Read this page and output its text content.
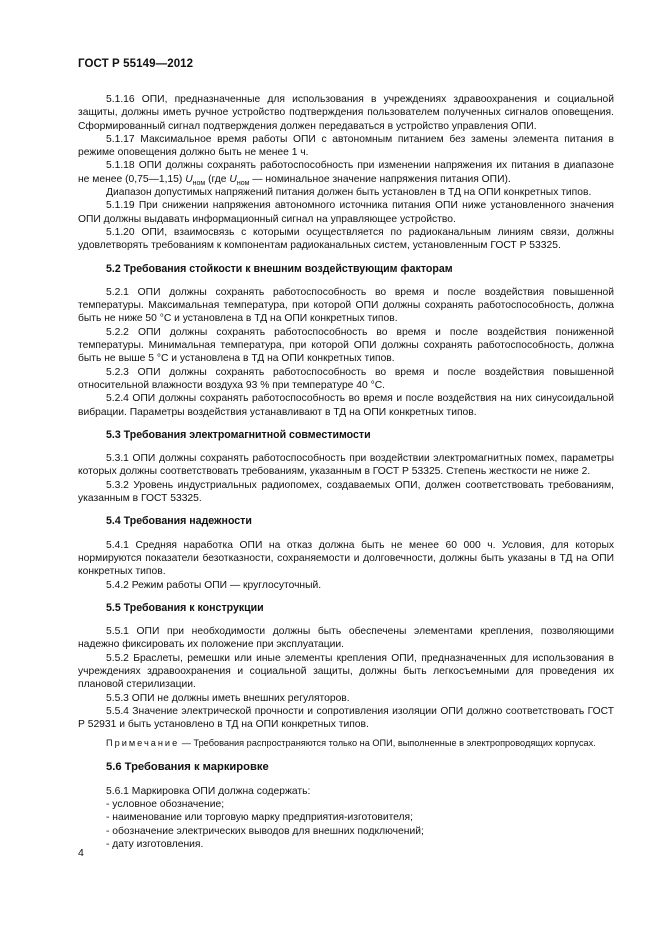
ГОСТ Р 55149—2012

5.1.16 ОПИ, предназначенные для использования в учреждениях здравоохранения и социальной защиты, должны иметь ручное устройство подтверждения пользователем полученных сигналов оповещения. Сформированный сигнал подтверждения должен передаваться в устройство управления ОПИ.

5.1.17 Максимальное время работы ОПИ с автономным питанием без замены элемента питания в режиме оповещения должно быть не менее 1 ч.

5.1.18 ОПИ должны сохранять работоспособность при изменении напряжения их питания в диапазоне не менее (0,75—1,15) $U_{ном}$ (где $U_{ном}$ — номинальное значение напряжения питания ОПИ).

Диапазон допустимых напряжений питания должен быть установлен в ТД на ОПИ конкретных типов.

5.1.19 При снижении напряжения автономного источника питания ОПИ ниже установленного значения ОПИ должны выдавать информационный сигнал на управляющее устройство.

5.1.20 ОПИ, взаимосвязь с которыми осуществляется по радиоканальным линиям связи, должны удовлетворять требованиям к компонентам радиоканальных систем, установленным ГОСТ Р 53325.

5.2 Требования стойкости к внешним воздействующим факторам

5.2.1 ОПИ должны сохранять работоспособность во время и после воздействия повышенной температуры. Максимальная температура, при которой ОПИ должны сохранять работоспособность, должна быть не ниже 50 °С и установлена в ТД на ОПИ конкретных типов.

5.2.2 ОПИ должны сохранять работоспособность во время и после воздействия пониженной температуры. Минимальная температура, при которой ОПИ должны сохранять работоспособность, должна быть не выше 5 °С и установлена в ТД на ОПИ конкретных типов.

5.2.3 ОПИ должны сохранять работоспособность во время и после воздействия повышенной относительной влажности воздуха 93 % при температуре 40 °С.

5.2.4 ОПИ должны сохранять работоспособность во время и после воздействия на них синусоидальной вибрации. Параметры воздействия устанавливают в ТД на ОПИ конкретных типов.

5.3 Требования электромагнитной совместимости

5.3.1 ОПИ должны сохранять работоспособность при воздействии электромагнитных помех, параметры которых должны соответствовать требованиям, указанным в ГОСТ Р 53325. Степень жесткости не ниже 2.

5.3.2 Уровень индустриальных радиопомех, создаваемых ОПИ, должен соответствовать требованиям, указанным в ГОСТ 53325.

5.4 Требования надежности

5.4.1 Средняя наработка ОПИ на отказ должна быть не менее 60 000 ч. Условия, для которых нормируются показатели безотказности, сохраняемости и долговечности, должны быть указаны в ТД на ОПИ конкретных типов.

5.4.2 Режим работы ОПИ — круглосуточный.

5.5 Требования к конструкции

5.5.1 ОПИ при необходимости должны быть обеспечены элементами крепления, позволяющими надежно фиксировать их положение при эксплуатации.

5.5.2 Браслеты, ремешки или иные элементы крепления ОПИ, предназначенных для использования в учреждениях здравоохранения и социальной защиты, должны быть легкосъемными для проведения их плановой стерилизации.

5.5.3 ОПИ не должны иметь внешних регуляторов.

5.5.4 Значение электрической прочности и сопротивления изоляции ОПИ должно соответствовать ГОСТ Р 52931 и быть установлено в ТД на ОПИ конкретных типов.

Примечание — Требования распространяются только на ОПИ, выполненные в электропроводящих корпусах.

5.6 Требования к маркировке

5.6.1 Маркировка ОПИ должна содержать:

- условное обозначение;

- наименование или торговую марку предприятия-изготовителя;

- обозначение электрических выводов для внешних подключений;

- дату изготовления.

4
